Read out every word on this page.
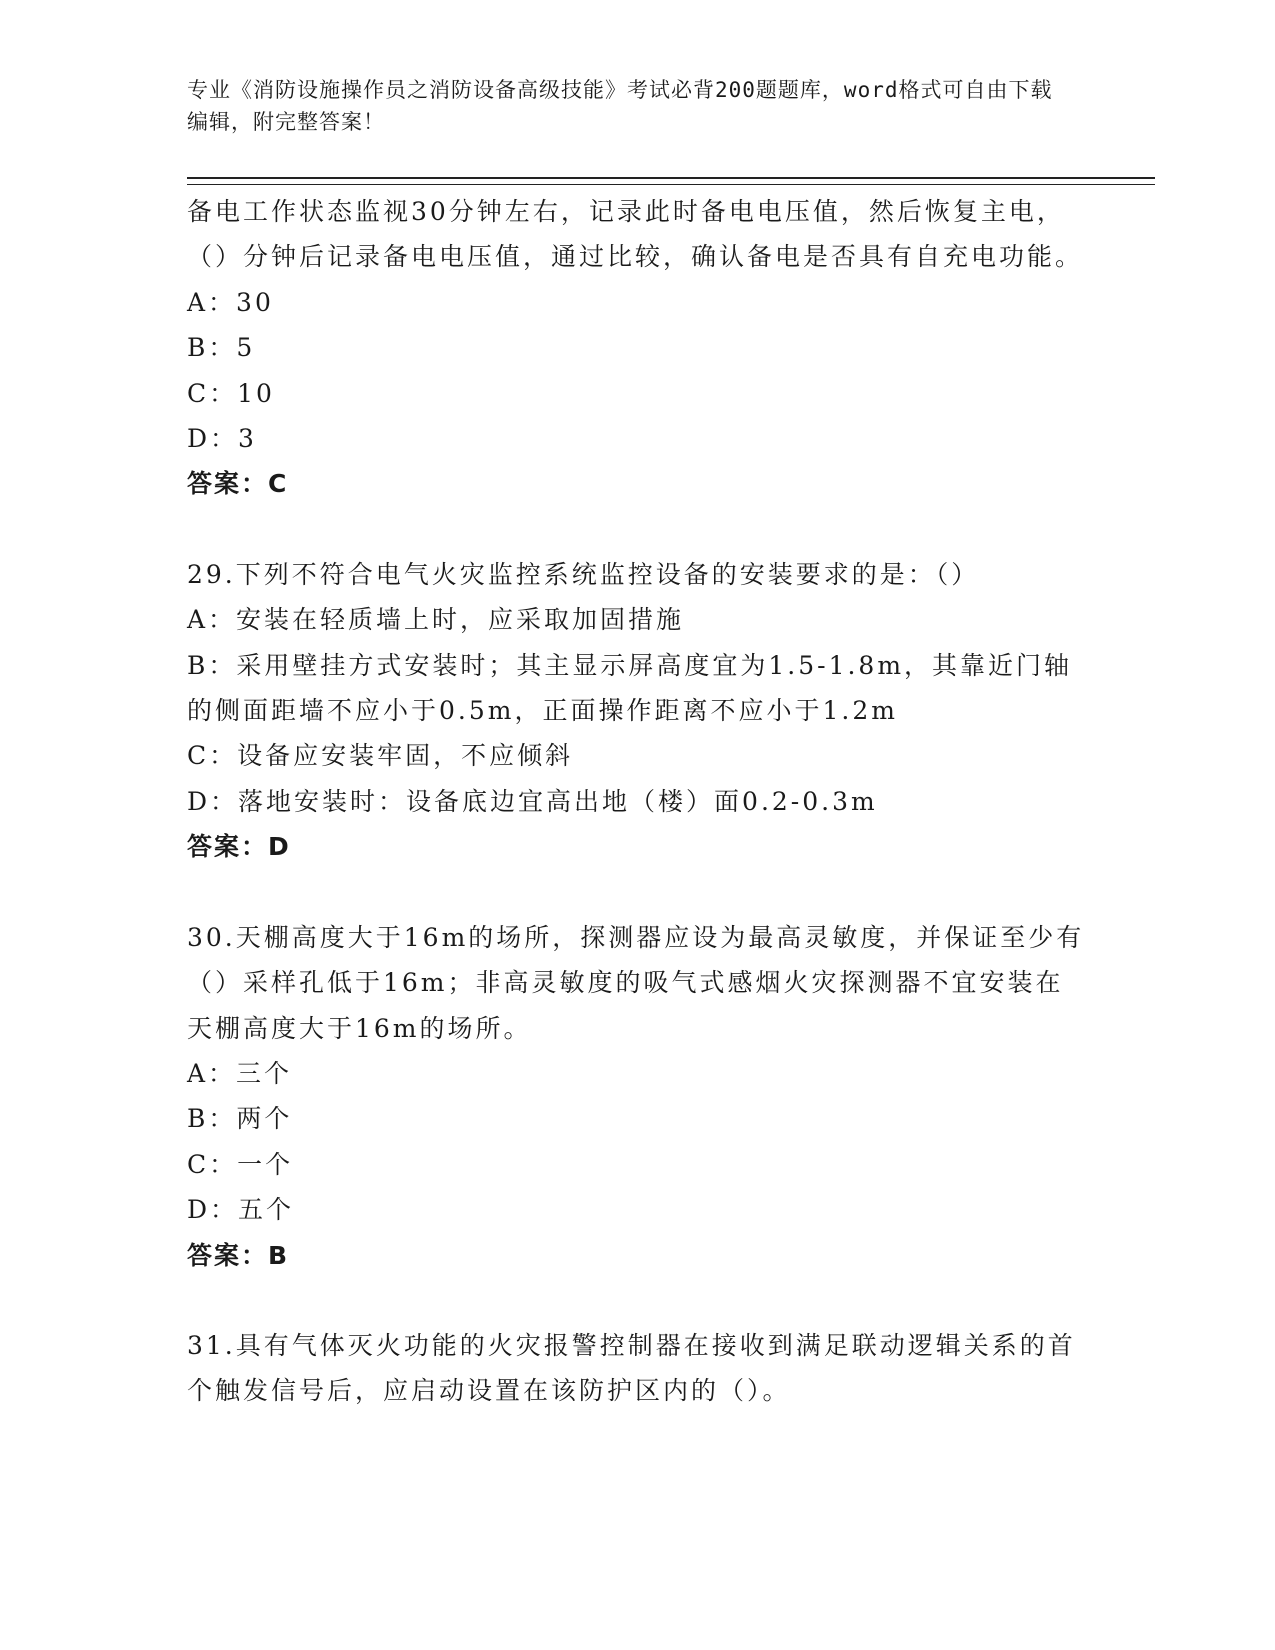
专业《消防设施操作员之消防设备高级技能》考试必背200题题库，word格式可自由下载编辑，附完整答案！

备电工作状态监视30分钟左右，记录此时备电电压值，然后恢复主电，（）分钟后记录备电电压值，通过比较，确认备电是否具有自充电功能。

A：30

B：5

C：10

D：3

答案：C

29.下列不符合电气火灾监控系统监控设备的安装要求的是：（）

A：安装在轻质墙上时，应采取加固措施

B：采用壁挂方式安装时；其主显示屏高度宜为1.5-1.8m，其靠近门轴的侧面距墙不应小于0.5m，正面操作距离不应小于1.2m

C：设备应安装牢固，不应倾斜

D：落地安装时：设备底边宜高出地（楼）面0.2-0.3m

答案：D

30.天棚高度大于16m的场所，探测器应设为最高灵敏度，并保证至少有（）采样孔低于16m；非高灵敏度的吸气式感烟火灾探测器不宜安装在天棚高度大于16m的场所。

A：三个

B：两个

C：一个

D：五个

答案：B

31.具有气体灭火功能的火灾报警控制器在接收到满足联动逻辑关系的首个触发信号后，应启动设置在该防护区内的（）。
